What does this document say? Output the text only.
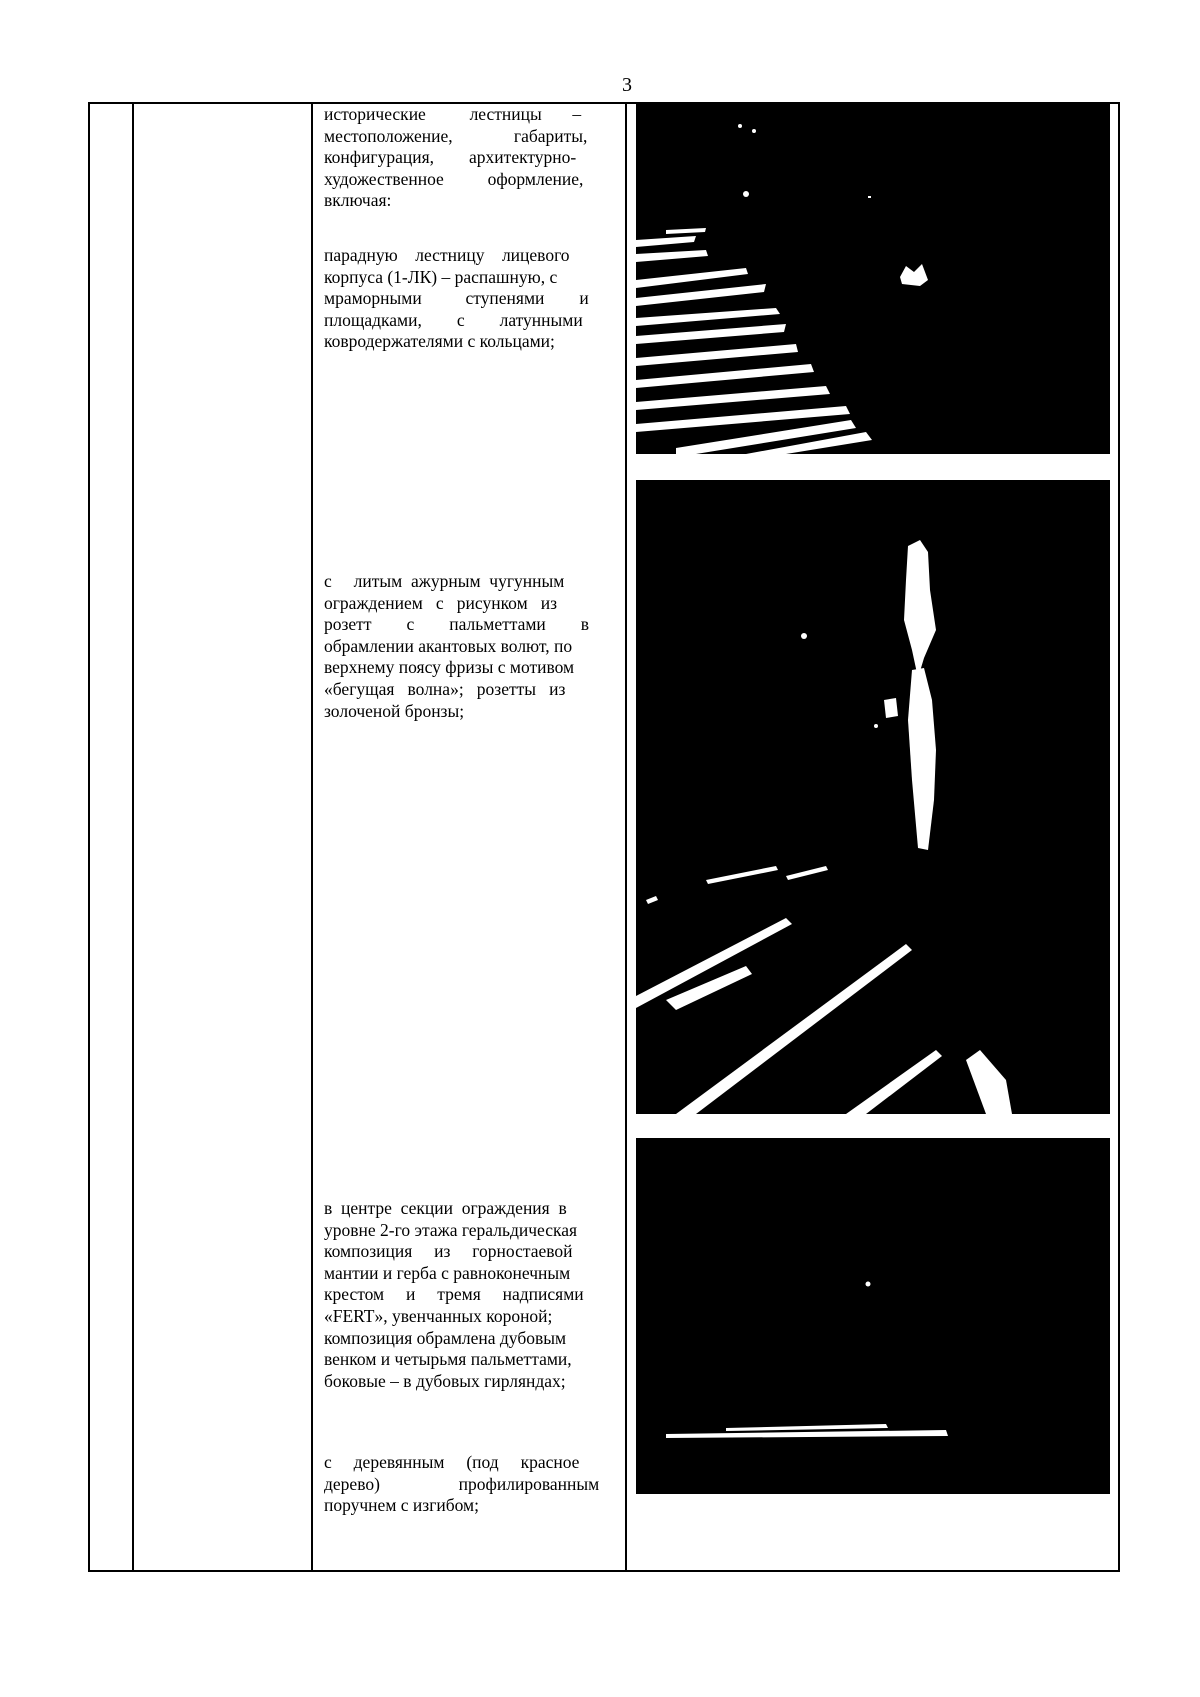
3
исторические          лестницы       –
местоположение,              габариты,
конфигурация,        архитектурно-
художественное          оформление,
включая:
парадную    лестницу    лицевого
корпуса (1-ЛК) – распашную, с
мраморными          ступенями        и
площадками,        с        латунными
ковродержателями с кольцами;
с     литым  ажурным  чугунным
ограждением   с   рисунком   из
розетт        с        пальметтами        в
обрамлении акантовых волют, по
верхнему поясу фризы с мотивом
«бегущая   волна»;   розетты   из
золоченой бронзы;
в  центре  секции  ограждения  в
уровне 2-го этажа геральдическая
композиция     из     горностаевой
мантии и герба с равноконечным
крестом     и     тремя     надписями
«FERT», увенчанных короной;
композиция обрамлена дубовым
венком и четырьмя пальметтами,
боковые – в дубовых гирляндах;
с     деревянным     (под     красное
дерево)                  профилированным
поручнем с изгибом;
